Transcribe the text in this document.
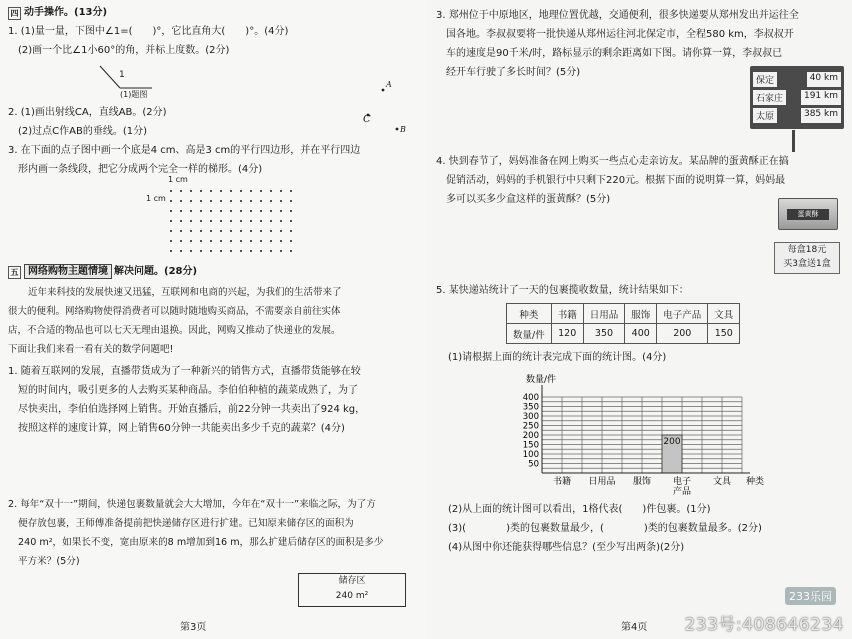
四 动手操作。(13分)
1. (1)量一量，下图中∠1=(　　)°，它比直角大(　　)°。(4分)
(2)画一个比∠1小60°的角，并标上度数。(2分)
1
(1)题图
A
C
B
2. (1)画出射线CA，直线AB。(2分)
(2)过点C作AB的垂线。(1分)
3. 在下面的点子图中画一个底是4 cm、高是3 cm的平行四边形，并在平行四边
形内画一条线段，把它分成两个完全一样的梯形。(4分)
1 cm
1 cm
五 网络购物主题情境 解决问题。(28分)
近年来科技的发展快速又迅猛，互联网和电商的兴起，为我们的生活带来了
很大的便利。网络购物使得消费者可以随时随地购买商品，不需要亲自前往实体
店，不合适的物品也可以七天无理由退换。因此，网购又推动了快递业的发展。
下面让我们来看一看有关的数学问题吧!
1. 随着互联网的发展，直播带货成为了一种新兴的销售方式，直播带货能够在较
短的时间内，吸引更多的人去购买某种商品。李伯伯种植的蔬菜成熟了，为了
尽快卖出，李伯伯选择网上销售。开始直播后，前22分钟一共卖出了924 kg，
按照这样的速度计算，网上销售60分钟一共能卖出多少千克的蔬菜？(4分)
2. 每年“双十一”期间，快递包裹数量就会大大增加，今年在“双十一”来临之际，为了方
便存放包裹，王师傅准备提前把快递储存区进行扩建。已知原来储存区的面积为
240 m²，如果长不变，宽由原来的8 m增加到16 m，那么扩建后储存区的面积是多少
平方米？(5分)
储存区
240 m²
第3页
3. 郑州位于中原地区，地理位置优越，交通便利，很多快递要从郑州发出并运往全
国各地。李叔叔要将一批快递从郑州运往河北保定市，全程580 km，李叔叔开
车的速度是90千米/时，路标显示的剩余距离如下图。请你算一算，李叔叔已
经开车行驶了多长时间？(5分)
4. 快到春节了，妈妈准备在网上购买一些点心走亲访友。某品牌的蛋黄酥正在搞
促销活动，妈妈的手机银行中只剩下220元。根据下面的说明算一算，妈妈最
多可以买多少盒这样的蛋黄酥？(5分)
5. 某快递站统计了一天的包裹揽收数量，统计结果如下：
种类	书籍	日用品	服饰	电子产品	文具
数量/件	120	350	400	200	150
(1)请根据上面的统计表完成下面的统计图。(4分)
200
50
100
150
200
250
300
350
400
书籍 日用品 服饰 电子
产品
文具
数量/件
种类
(2)从上面的统计图可以看出，1格代表(　　)件包裹。(1分)
(3)(　　　　)类的包裹数量最少，(　　　　)类的包裹数量最多。(2分)
(4)从图中你还能获得哪些信息？(至少写出两条)(2分)
第4页
保定	40 km
石家庄	191 km
太原	385 km
蛋黄酥
每盒18元
买3盒送1盒
233乐园
233号:408646234
